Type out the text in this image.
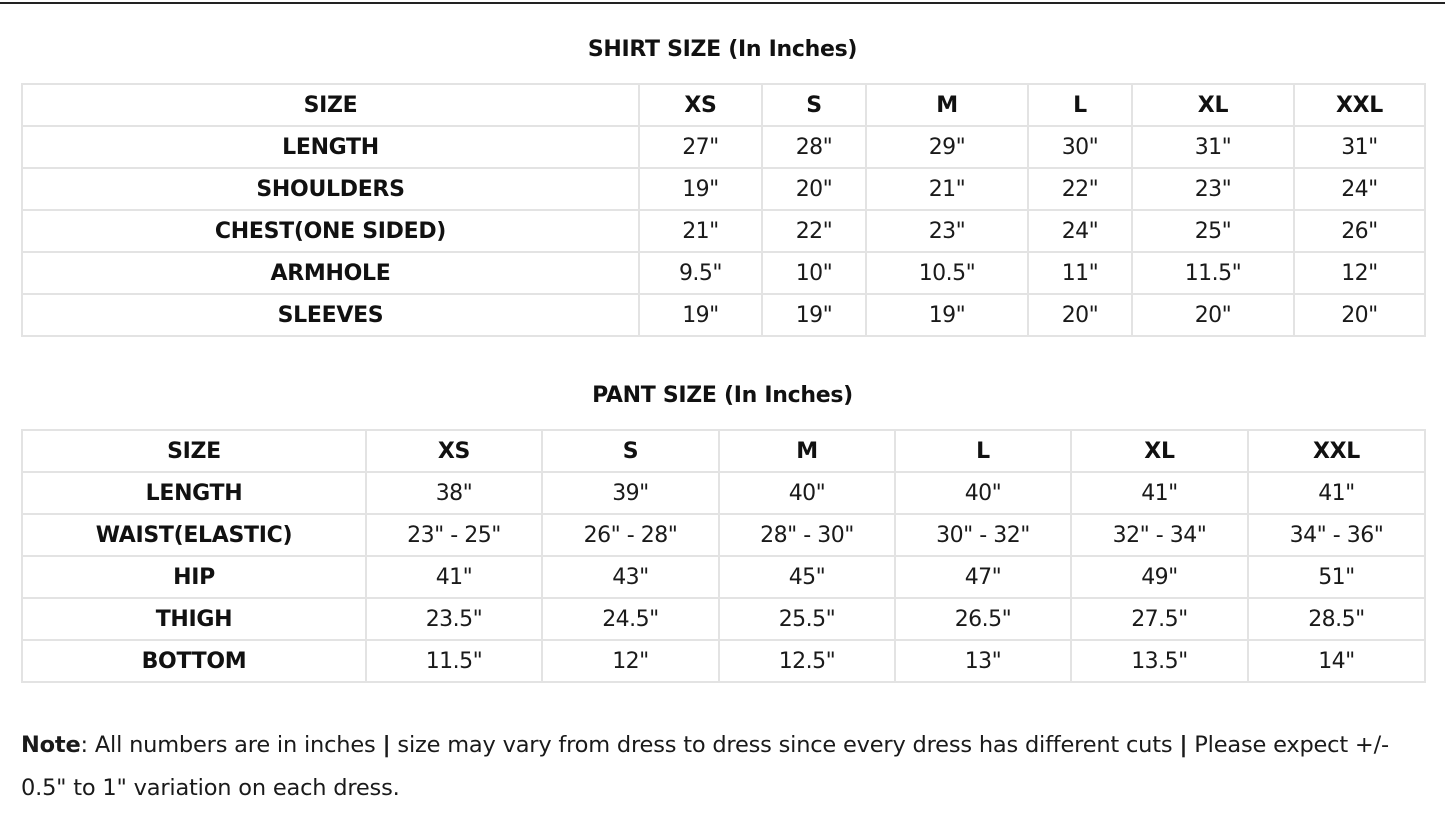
SHIRT SIZE (In Inches)
SIZE	XS	S	M	L	XL	XXL
LENGTH	27"	28"	29"	30"	31"	31"
SHOULDERS	19"	20"	21"	22"	23"	24"
CHEST(ONE SIDED)	21"	22"	23"	24"	25"	26"
ARMHOLE	9.5"	10"	10.5"	11"	11.5"	12"
SLEEVES	19"	19"	19"	20"	20"	20"
PANT SIZE (In Inches)
SIZE	XS	S	M	L	XL	XXL
LENGTH	38"	39"	40"	40"	41"	41"
WAIST(ELASTIC)	23" - 25"	26" - 28"	28" - 30"	30" - 32"	32" - 34"	34" - 36"
HIP	41"	43"	45"	47"	49"	51"
THIGH	23.5"	24.5"	25.5"	26.5"	27.5"	28.5"
BOTTOM	11.5"	12"	12.5"	13"	13.5"	14"
Note: All numbers are in inches | size may vary from dress to dress since every dress has different cuts | Please expect +/- 0.5" to 1" variation on each dress.
